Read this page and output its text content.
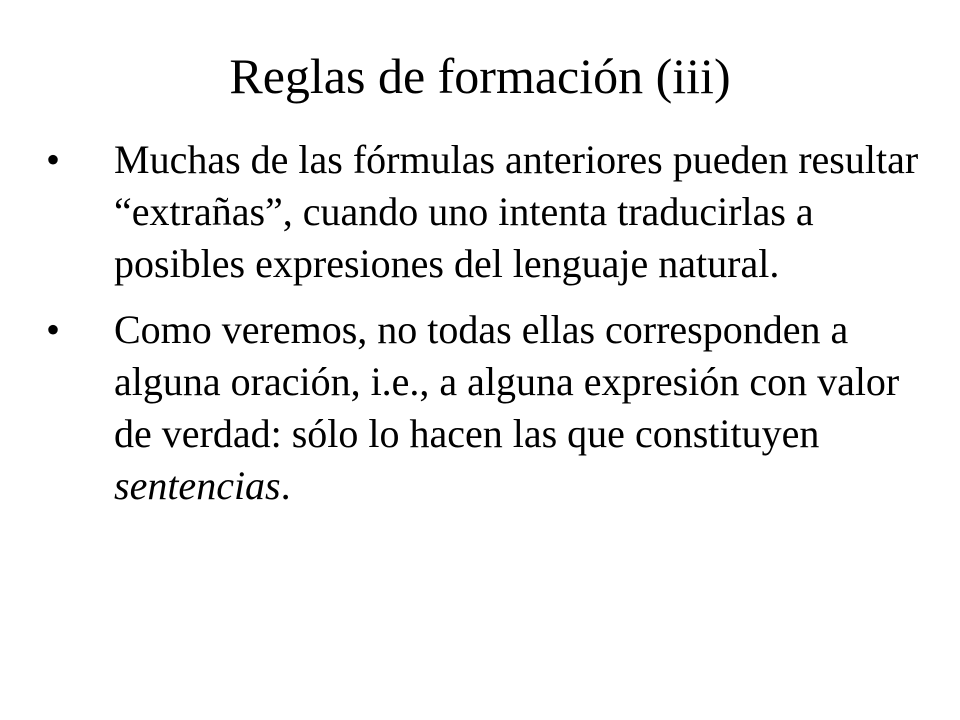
Reglas de formación (iii)
• Muchas de las fórmulas anteriores pueden resultar “extrañas”, cuando uno intenta traducirlas a posibles expresiones del lenguaje natural.
• Como veremos, no todas ellas corresponden a alguna oración, i.e., a alguna expresión con valor de verdad: sólo lo hacen las que constituyen sentencias.
